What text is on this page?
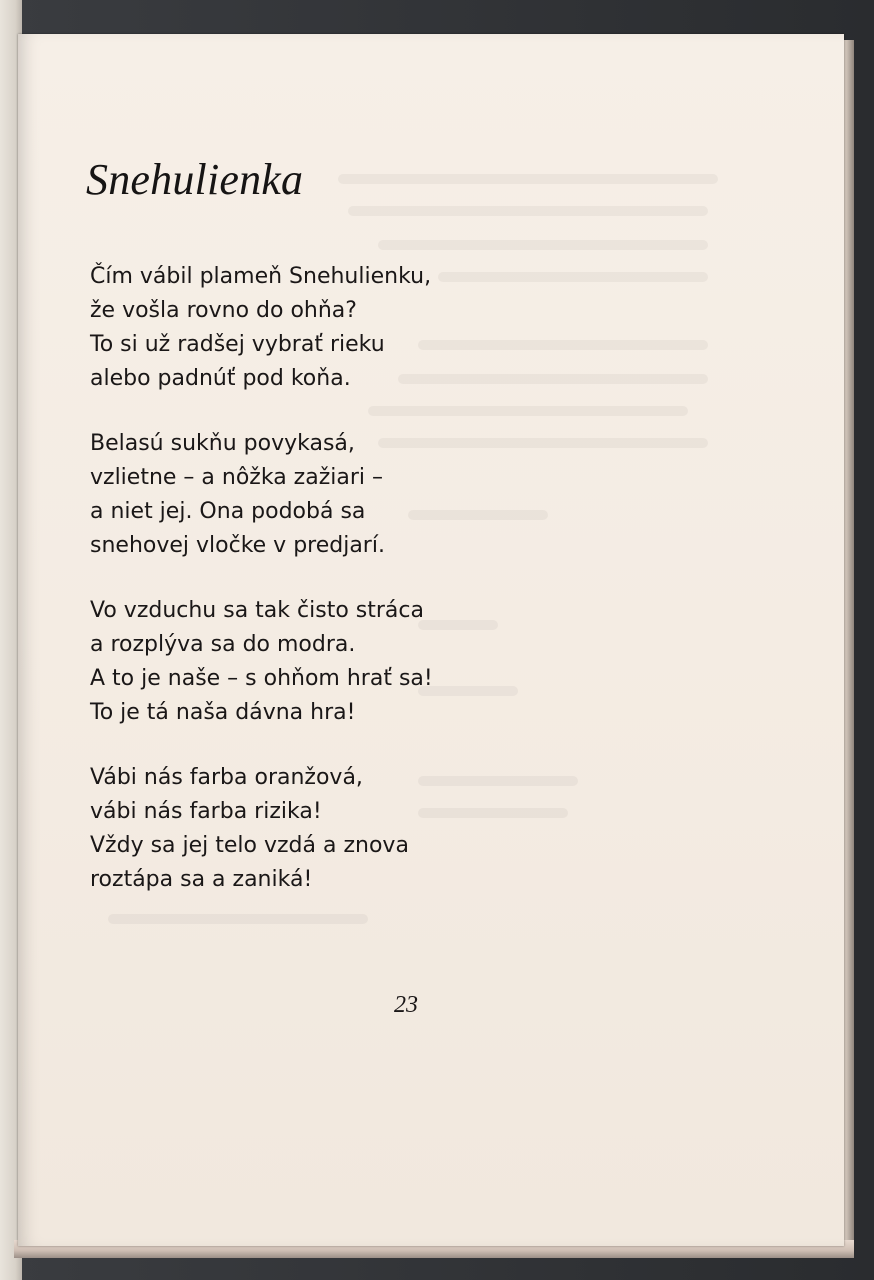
Snehulienka
Čím vábil plameň Snehulienku,
že vošla rovno do ohňa?
To si už radšej vybrať rieku
alebo padnúť pod koňa.
Belasú sukňu povykasá,
vzlietne – a nôžka zažiari –
a niet jej. Ona podobá sa
snehovej vločke v predjarí.
Vo vzduchu sa tak čisto stráca
a rozplýva sa do modra.
A to je naše – s ohňom hrať sa!
To je tá naša dávna hra!
Vábi nás farba oranžová,
vábi nás farba rizika!
Vždy sa jej telo vzdá a znova
roztápa sa a zaniká!
23
